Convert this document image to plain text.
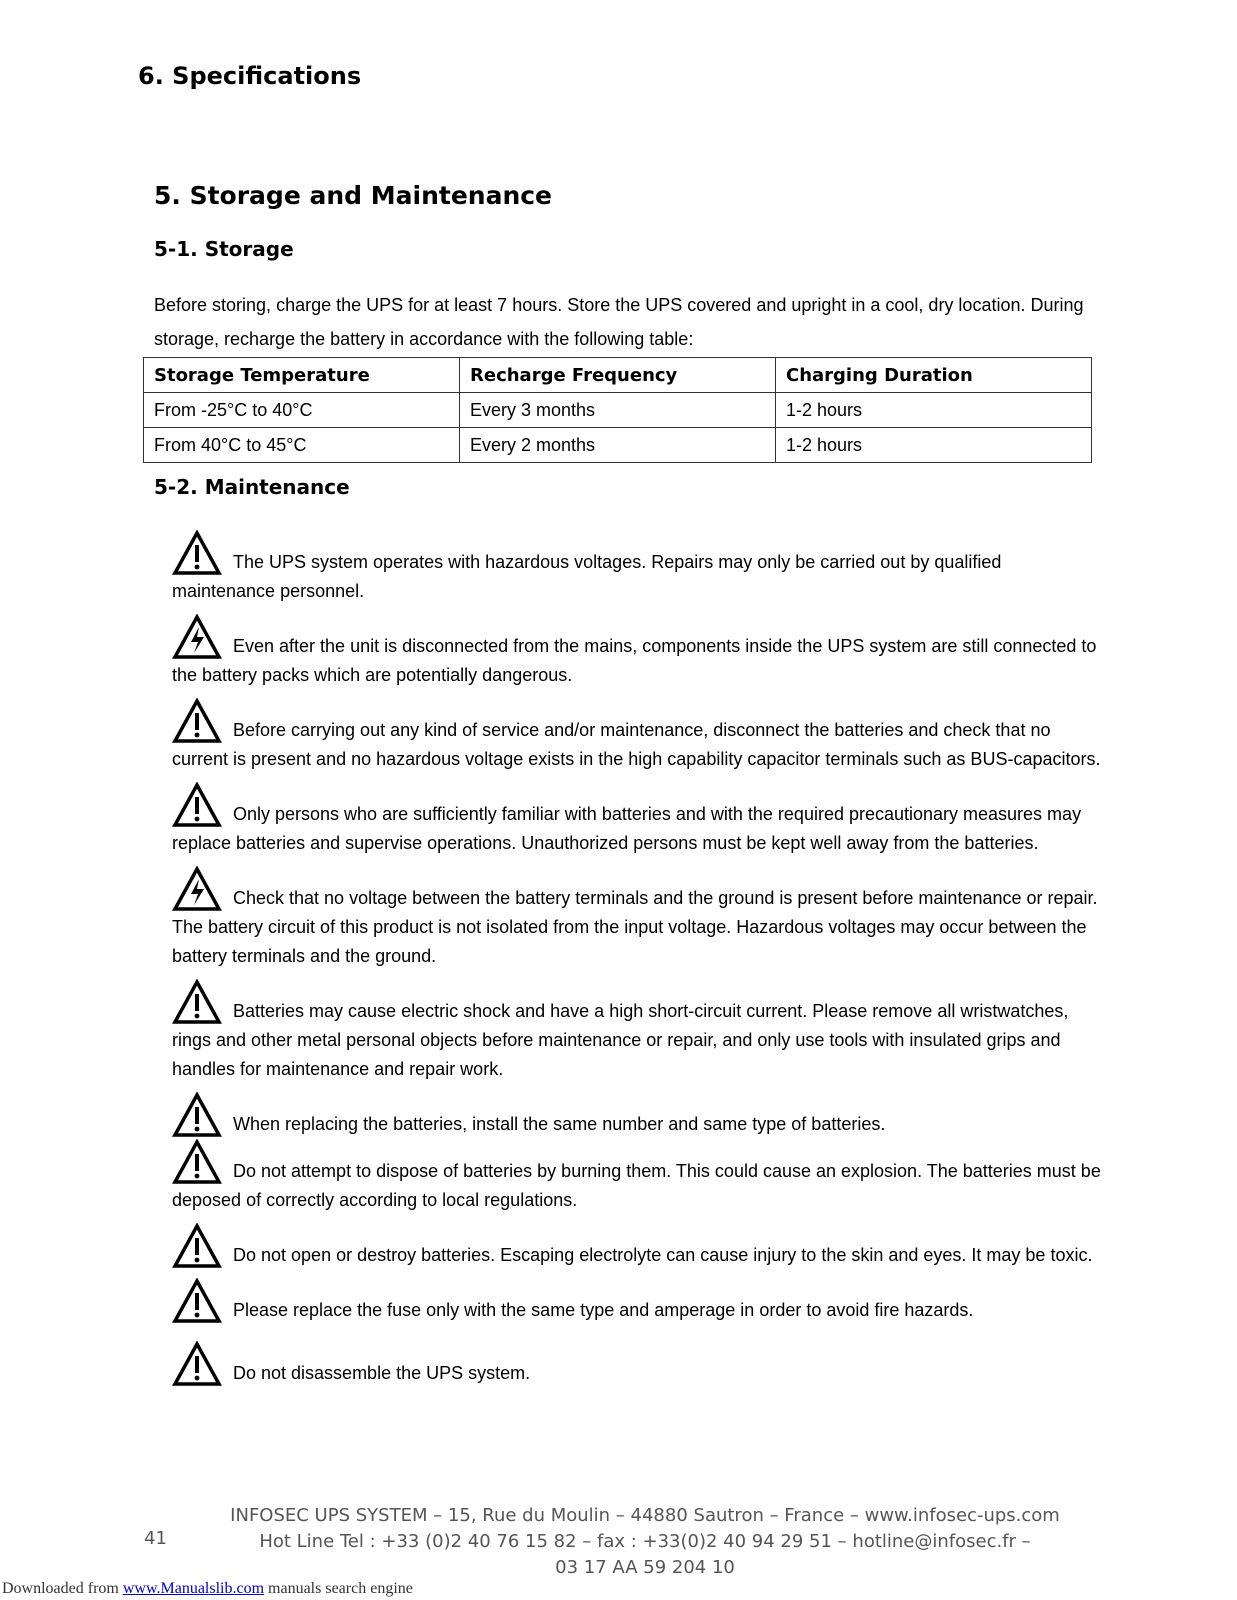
6. Specifications
5. Storage and Maintenance
5-1. Storage

Before storing, charge the UPS for at least 7 hours. Store the UPS covered and upright in a cool, dry location. During storage, recharge the battery in accordance with the following table:

Storage Temperature	Recharge Frequency	Charging Duration
From -25°C to 40°C	Every 3 months	1-2 hours
From 40°C to 45°C	Every 2 months	1-2 hours
5-2. Maintenance
The UPS system operates with hazardous voltages. Repairs may only be carried out by qualified maintenance personnel.
Even after the unit is disconnected from the mains, components inside the UPS system are still connected to the battery packs which are potentially dangerous.
Before carrying out any kind of service and/or maintenance, disconnect the batteries and check that no current is present and no hazardous voltage exists in the high capability capacitor terminals such as BUS-capacitors.
Only persons who are sufficiently familiar with batteries and with the required precautionary measures may replace batteries and supervise operations. Unauthorized persons must be kept well away from the batteries.
Check that no voltage between the battery terminals and the ground is present before maintenance or repair. The battery circuit of this product is not isolated from the input voltage. Hazardous voltages may occur between the battery terminals and the ground.
Batteries may cause electric shock and have a high short-circuit current. Please remove all wristwatches, rings and other metal personal objects before maintenance or repair, and only use tools with insulated grips and handles for maintenance and repair work.
When replacing the batteries, install the same number and same type of batteries.
Do not attempt to dispose of batteries by burning them. This could cause an explosion. The batteries must be deposed of correctly according to local regulations.
Do not open or destroy batteries. Escaping electrolyte can cause injury to the skin and eyes. It may be toxic.
Please replace the fuse only with the same type and amperage in order to avoid fire hazards.
Do not disassemble the UPS system.
41
INFOSEC UPS SYSTEM – 15, Rue du Moulin – 44880 Sautron – France – www.infosec-ups.com
Hot Line Tel : +33 (0)2 40 76 15 82 – fax : +33(0)2 40 94 29 51 – hotline@infosec.fr –
03 17 AA 59 204 10
Downloaded from www.Manualslib.com manuals search engine
